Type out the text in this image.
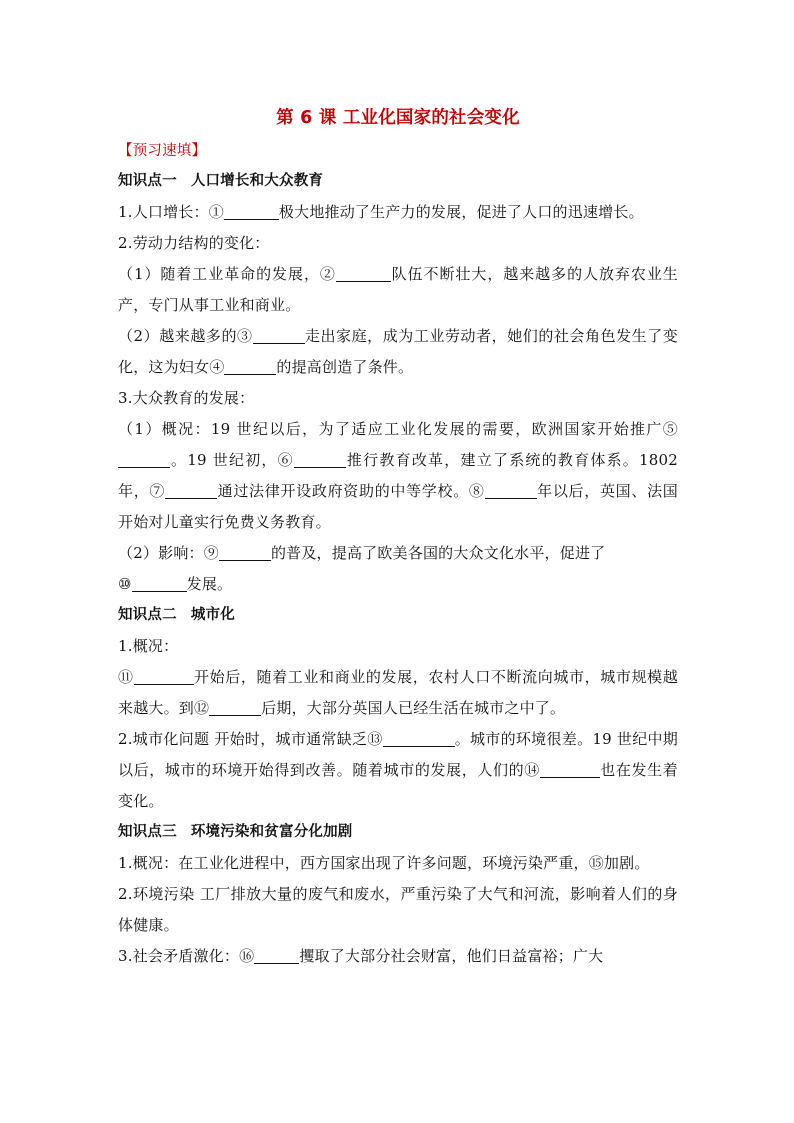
第 6 课 工业化国家的社会变化
【预习速填】
知识点一 人口增长和大众教育

1.人口增长：①	极大地推动了生产力的发展，促进了人口的迅速增长。

2.劳动力结构的变化：

（1）随着工业革命的发展，②	队伍不断壮大，越来越多的人放弃农业生产，专门从事工业和商业。

（2）越来越多的③	走出家庭，成为工业劳动者，她们的社会角色发生了变化，这为妇女④	的提高创造了条件。

3.大众教育的发展：

（1）概况：19 世纪以后，为了适应工业化发展的需要，欧洲国家开始推广⑤。19 世纪初，⑥	推行教育改革，建立了系统的教育体系。1802年，⑦	通过法律开设政府资助的中等学校。⑧	年以后，英国、法国开始对儿童实行免费义务教育。

（2）影响：⑨	的普及，提高了欧美各国的大众文化水平，促进了
⑩	发展。

知识点二 城市化

1.概况：

⑪	开始后，随着工业和商业的发展，农村人口不断流向城市，城市规模越来越大。到⑫	后期，大部分英国人已经生活在城市之中了。

2.城市化问题 开始时，城市通常缺乏⑬	。城市的环境很差。19 世纪中期以后，城市的环境开始得到改善。随着城市的发展，人们的⑭	也在发生着变化。

知识点三 环境污染和贫富分化加剧

1.概况：在工业化进程中，西方国家出现了许多问题，环境污染严重，⑮加剧。

2.环境污染 工厂排放大量的废气和废水，严重污染了大气和河流，影响着人们的身体健康。

3.社会矛盾激化：⑯	攫取了大部分社会财富，他们日益富裕；广大
